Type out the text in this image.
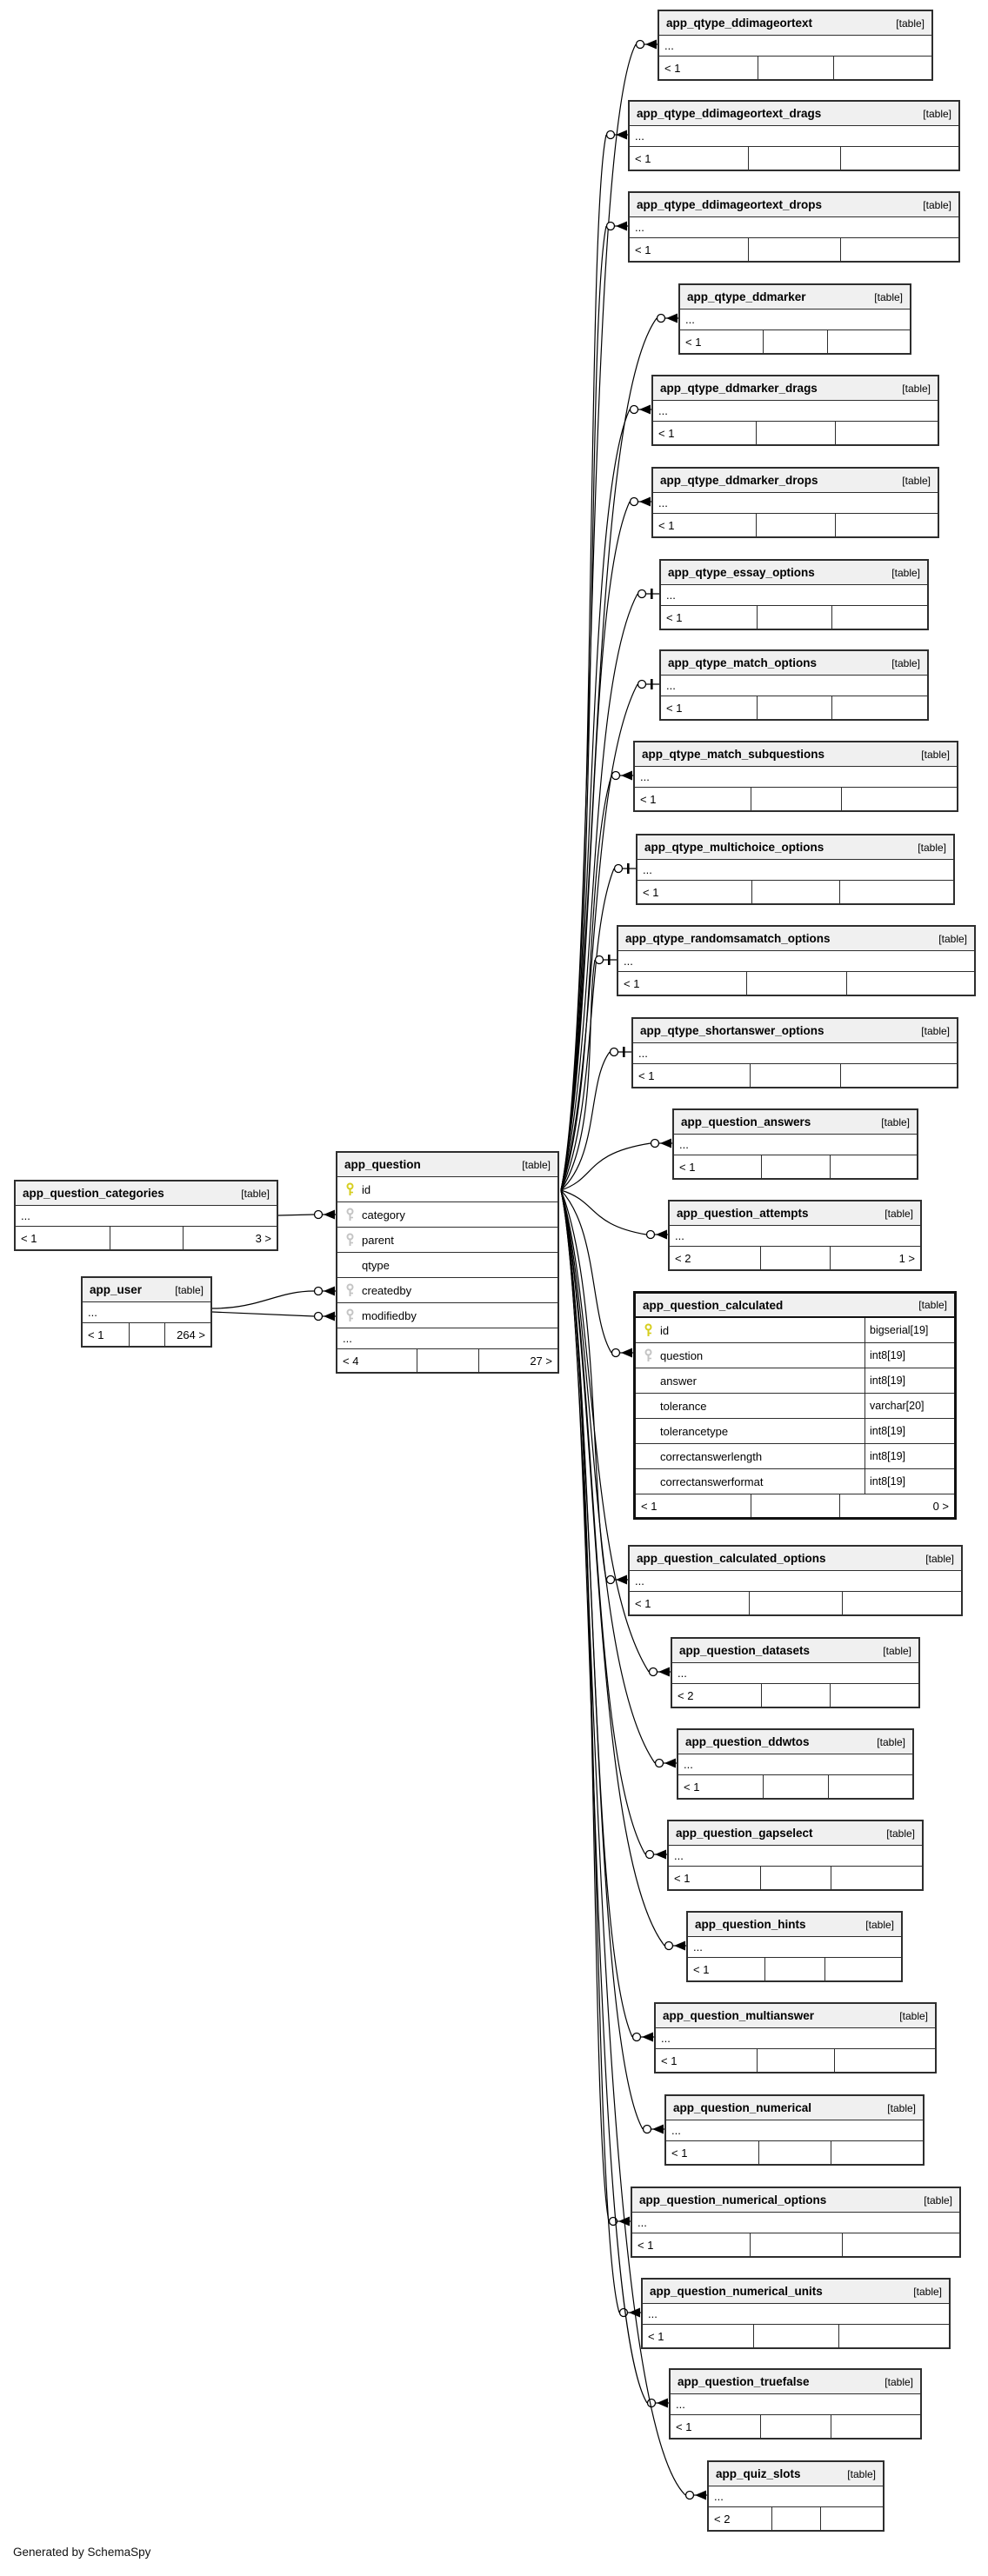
Generated by SchemaSpy
app_qtype_ddimageortext	[table]
...
< 1
app_qtype_ddimageortext_drags	[table]
...
< 1
app_qtype_ddimageortext_drops	[table]
...
< 1
app_qtype_ddmarker	[table]
...
< 1
app_qtype_ddmarker_drags	[table]
...
< 1
app_qtype_ddmarker_drops	[table]
...
< 1
app_qtype_essay_options	[table]
...
< 1
app_qtype_match_options	[table]
...
< 1
app_qtype_match_subquestions	[table]
...
< 1
app_qtype_multichoice_options	[table]
...
< 1
app_qtype_randomsamatch_options	[table]
...
< 1
app_qtype_shortanswer_options	[table]
...
< 1
app_question_answers	[table]
...
< 1
app_question_attempts	[table]
...
< 2	1 >
app_question_calculated	[table]
id	bigserial[19]
question	int8[19]
answer	int8[19]
tolerance	varchar[20]
tolerancetype	int8[19]
correctanswerlength	int8[19]
correctanswerformat	int8[19]
< 1	0 >
app_question_calculated_options	[table]
...
< 1
app_question_datasets	[table]
...
< 2
app_question_ddwtos	[table]
...
< 1
app_question_gapselect	[table]
...
< 1
app_question_hints	[table]
...
< 1
app_question_multianswer	[table]
...
< 1
app_question_numerical	[table]
...
< 1
app_question_numerical_options	[table]
...
< 1
app_question_numerical_units	[table]
...
< 1
app_question_truefalse	[table]
...
< 1
app_quiz_slots	[table]
...
< 2
app_question_categories	[table]
...
< 1	3 >
app_user	[table]
...
< 1	264 >
app_question	[table]
id
category
parent
qtype
createdby
modifiedby
...
< 4	27 >
